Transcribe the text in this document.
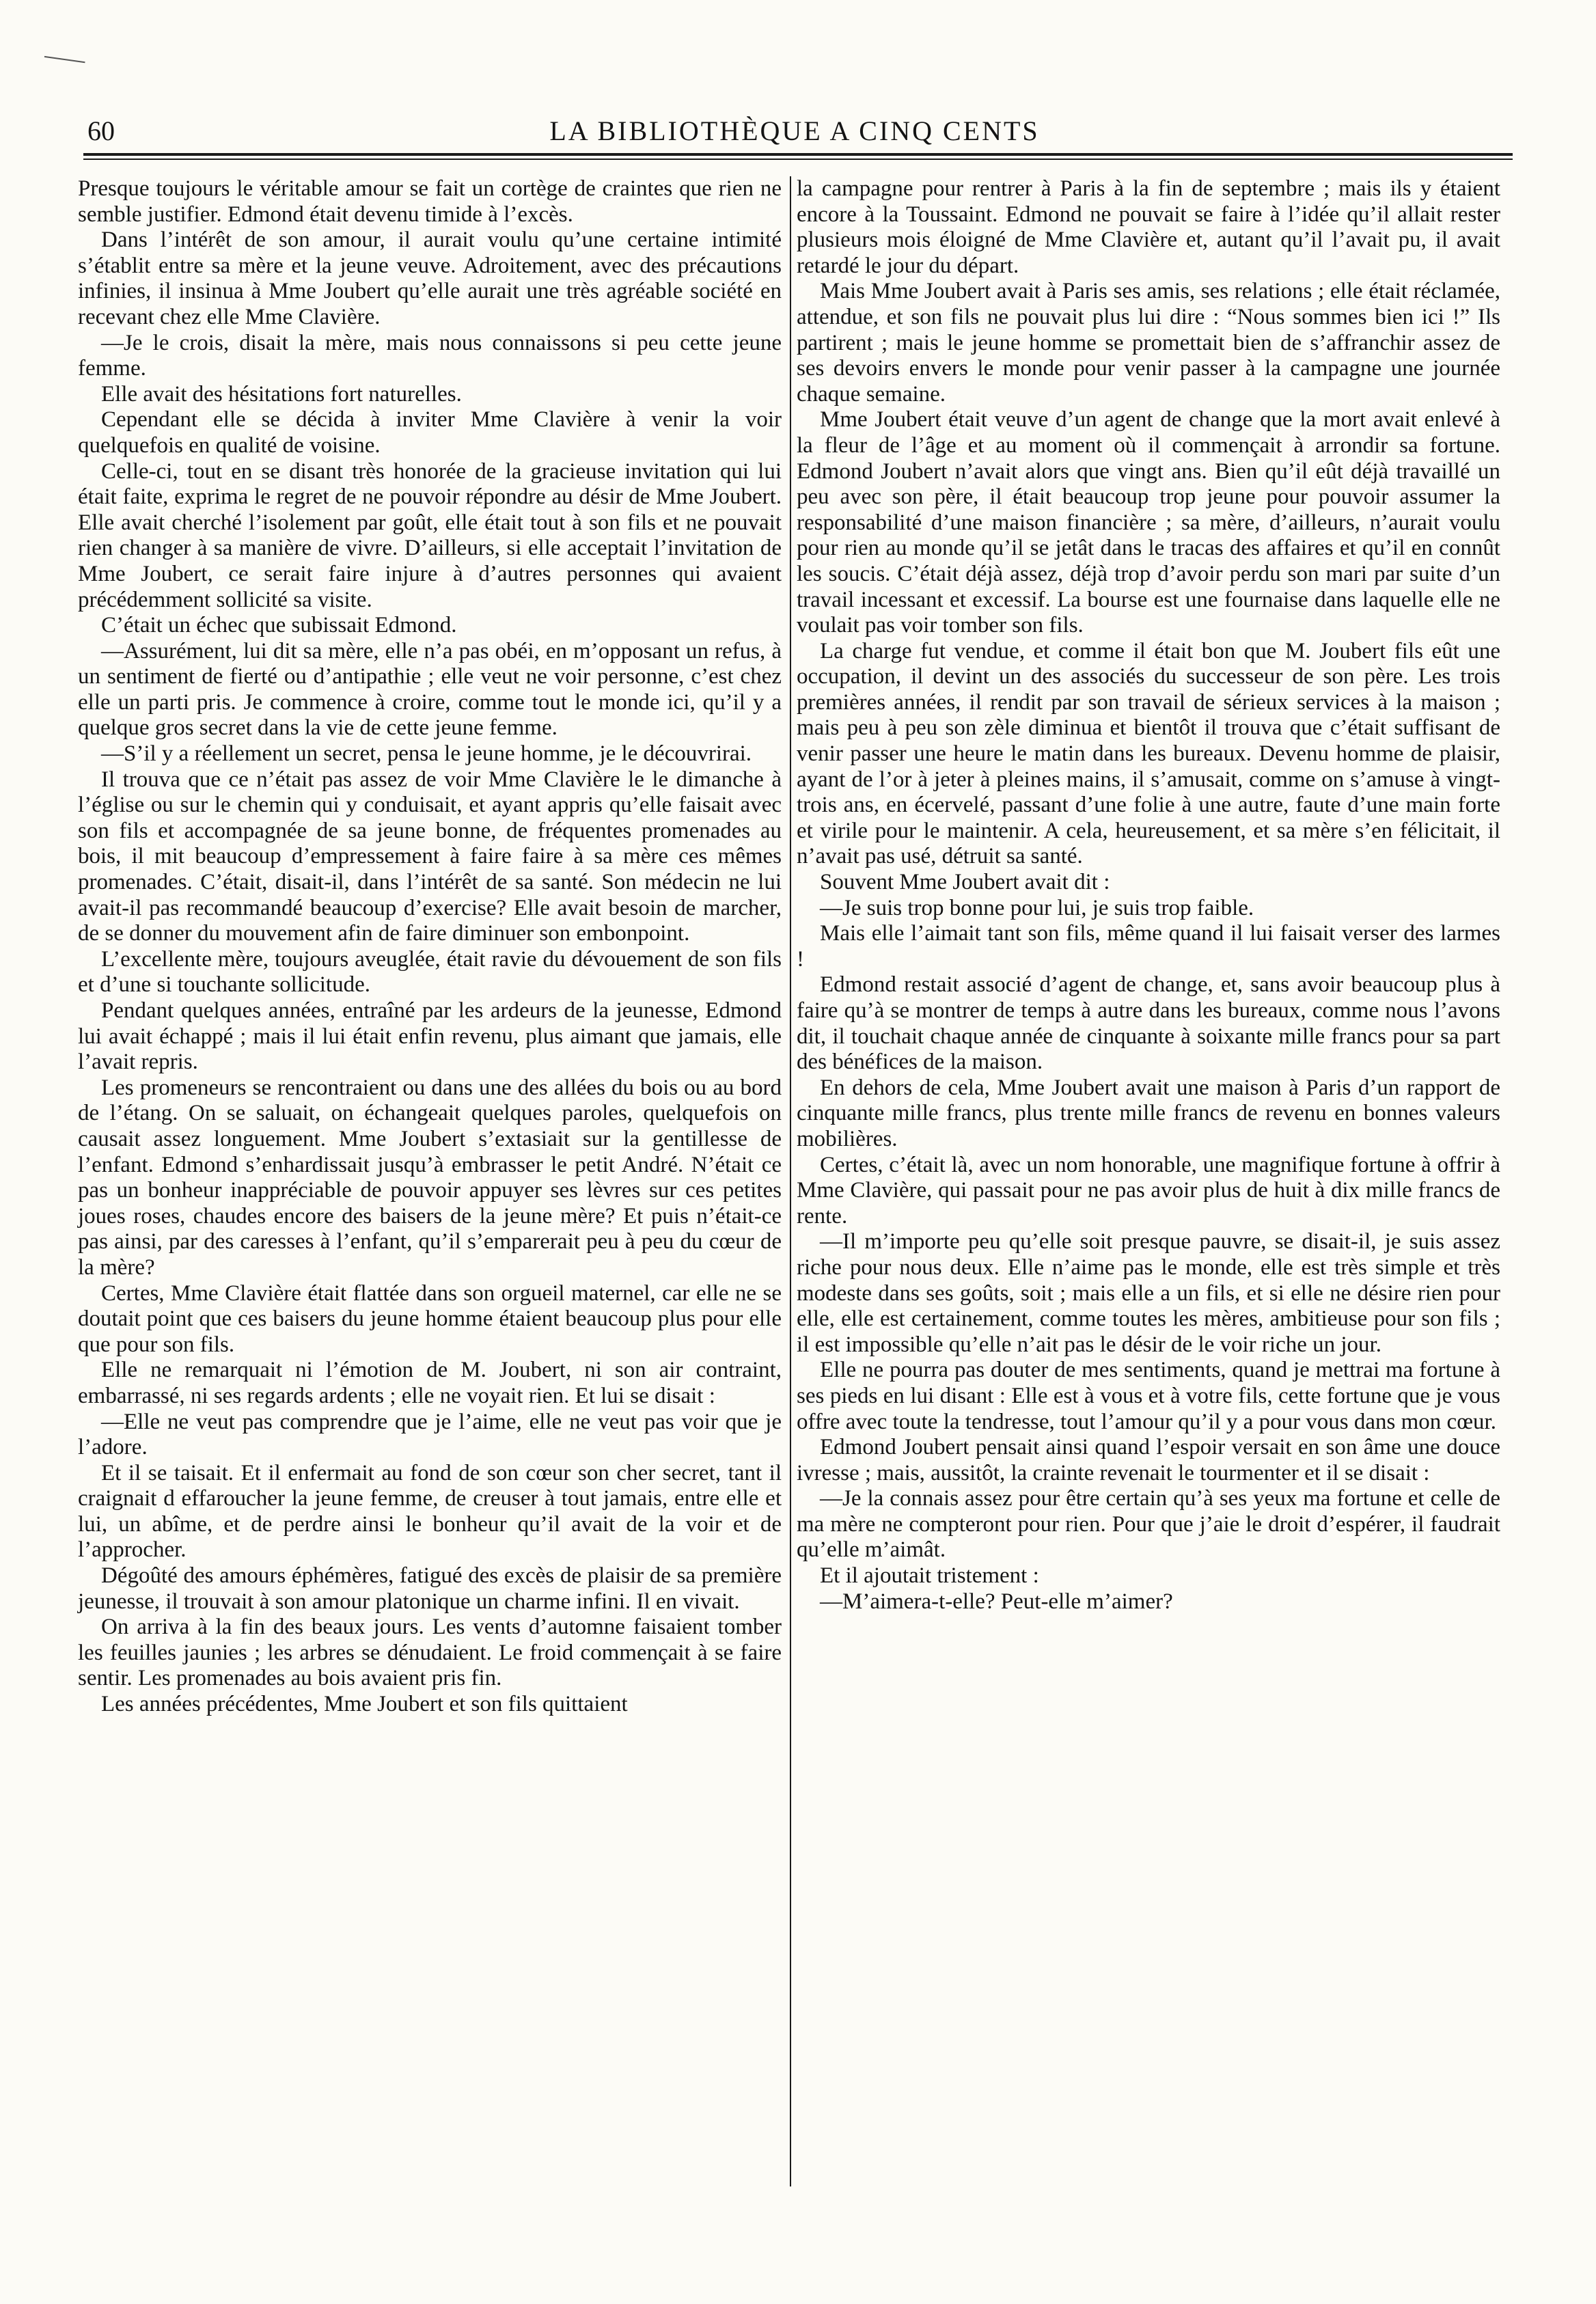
60	LA BIBLIOTHÈQUE A CINQ CENTS

Presque toujours le véritable amour se fait un cortège de craintes que rien ne semble justifier. Edmond était devenu timide à l’excès.

Dans l’intérêt de son amour, il aurait voulu qu’une certaine intimité s’établit entre sa mère et la jeune veuve. Adroitement, avec des précautions infinies, il insinua à Mme Joubert qu’elle aurait une très agréable société en recevant chez elle Mme Clavière.

—Je le crois, disait la mère, mais nous connaissons si peu cette jeune femme.

Elle avait des hésitations fort naturelles.

Cependant elle se décida à inviter Mme Clavière à venir la voir quelquefois en qualité de voisine.

Celle-ci, tout en se disant très honorée de la gracieuse invitation qui lui était faite, exprima le regret de ne pouvoir répondre au désir de Mme Joubert. Elle avait cherché l’isolement par goût, elle était tout à son fils et ne pouvait rien changer à sa manière de vivre. D’ailleurs, si elle acceptait l’invitation de Mme Joubert, ce serait faire injure à d’autres personnes qui avaient précédemment sollicité sa visite.

C’était un échec que subissait Edmond.

—Assurément, lui dit sa mère, elle n’a pas obéi, en m’opposant un refus, à un sentiment de fierté ou d’antipathie ; elle veut ne voir personne, c’est chez elle un parti pris. Je commence à croire, comme tout le monde ici, qu’il y a quelque gros secret dans la vie de cette jeune femme.

—S’il y a réellement un secret, pensa le jeune homme, je le découvrirai.

Il trouva que ce n’était pas assez de voir Mme Clavière le le dimanche à l’église ou sur le chemin qui y conduisait, et ayant appris qu’elle faisait avec son fils et accompagnée de sa jeune bonne, de fréquentes promenades au bois, il mit beaucoup d’empressement à faire faire à sa mère ces mêmes promenades. C’était, disait-il, dans l’intérêt de sa santé. Son médecin ne lui avait-il pas recommandé beaucoup d’exercise? Elle avait besoin de marcher, de se donner du mouvement afin de faire diminuer son embonpoint.

L’excellente mère, toujours aveuglée, était ravie du dévouement de son fils et d’une si touchante sollicitude.

Pendant quelques années, entraîné par les ardeurs de la jeunesse, Edmond lui avait échappé ; mais il lui était enfin revenu, plus aimant que jamais, elle l’avait repris.

Les promeneurs se rencontraient ou dans une des allées du bois ou au bord de l’étang. On se saluait, on échangeait quelques paroles, quelquefois on causait assez longuement. Mme Joubert s’extasiait sur la gentillesse de l’enfant. Edmond s’enhardissait jusqu’à embrasser le petit André. N’était ce pas un bonheur inappréciable de pouvoir appuyer ses lèvres sur ces petites joues roses, chaudes encore des baisers de la jeune mère? Et puis n’était-ce pas ainsi, par des caresses à l’enfant, qu’il s’emparerait peu à peu du cœur de la mère?

Certes, Mme Clavière était flattée dans son orgueil maternel, car elle ne se doutait point que ces baisers du jeune homme étaient beaucoup plus pour elle que pour son fils.

Elle ne remarquait ni l’émotion de M. Joubert, ni son air contraint, embarrassé, ni ses regards ardents ; elle ne voyait rien. Et lui se disait :

—Elle ne veut pas comprendre que je l’aime, elle ne veut pas voir que je l’adore.

Et il se taisait. Et il enfermait au fond de son cœur son cher secret, tant il craignait d effaroucher la jeune femme, de creuser à tout jamais, entre elle et lui, un abîme, et de perdre ainsi le bonheur qu’il avait de la voir et de l’approcher.

Dégoûté des amours éphémères, fatigué des excès de plaisir de sa première jeunesse, il trouvait à son amour platonique un charme infini. Il en vivait.

On arriva à la fin des beaux jours. Les vents d’automne faisaient tomber les feuilles jaunies ; les arbres se dénudaient. Le froid commençait à se faire sentir. Les promenades au bois avaient pris fin.

Les années précédentes, Mme Joubert et son fils quittaient

la campagne pour rentrer à Paris à la fin de septembre ; mais ils y étaient encore à la Toussaint. Edmond ne pouvait se faire à l’idée qu’il allait rester plusieurs mois éloigné de Mme Clavière et, autant qu’il l’avait pu, il avait retardé le jour du départ.

Mais Mme Joubert avait à Paris ses amis, ses relations ; elle était réclamée, attendue, et son fils ne pouvait plus lui dire : “Nous sommes bien ici !” Ils partirent ; mais le jeune homme se promettait bien de s’affranchir assez de ses devoirs envers le monde pour venir passer à la campagne une journée chaque semaine.

Mme Joubert était veuve d’un agent de change que la mort avait enlevé à la fleur de l’âge et au moment où il commençait à arrondir sa fortune. Edmond Joubert n’avait alors que vingt ans. Bien qu’il eût déjà travaillé un peu avec son père, il était beaucoup trop jeune pour pouvoir assumer la responsabilité d’une maison financière ; sa mère, d’ailleurs, n’aurait voulu pour rien au monde qu’il se jetât dans le tracas des affaires et qu’il en connût les soucis. C’était déjà assez, déjà trop d’avoir perdu son mari par suite d’un travail incessant et excessif. La bourse est une fournaise dans laquelle elle ne voulait pas voir tomber son fils.

La charge fut vendue, et comme il était bon que M. Joubert fils eût une occupation, il devint un des associés du successeur de son père. Les trois premières années, il rendit par son travail de sérieux services à la maison ; mais peu à peu son zèle diminua et bientôt il trouva que c’était suffisant de venir passer une heure le matin dans les bureaux. Devenu homme de plaisir, ayant de l’or à jeter à pleines mains, il s’amusait, comme on s’amuse à vingt-trois ans, en écervelé, passant d’une folie à une autre, faute d’une main forte et virile pour le maintenir. A cela, heureusement, et sa mère s’en félicitait, il n’avait pas usé, détruit sa santé.

Souvent Mme Joubert avait dit :

—Je suis trop bonne pour lui, je suis trop faible.

Mais elle l’aimait tant son fils, même quand il lui faisait verser des larmes !

Edmond restait associé d’agent de change, et, sans avoir beaucoup plus à faire qu’à se montrer de temps à autre dans les bureaux, comme nous l’avons dit, il touchait chaque année de cinquante à soixante mille francs pour sa part des bénéfices de la maison.

En dehors de cela, Mme Joubert avait une maison à Paris d’un rapport de cinquante mille francs, plus trente mille francs de revenu en bonnes valeurs mobilières.

Certes, c’était là, avec un nom honorable, une magnifique fortune à offrir à Mme Clavière, qui passait pour ne pas avoir plus de huit à dix mille francs de rente.

—Il m’importe peu qu’elle soit presque pauvre, se disait-il, je suis assez riche pour nous deux. Elle n’aime pas le monde, elle est très simple et très modeste dans ses goûts, soit ; mais elle a un fils, et si elle ne désire rien pour elle, elle est certainement, comme toutes les mères, ambitieuse pour son fils ; il est impossible qu’elle n’ait pas le désir de le voir riche un jour.

Elle ne pourra pas douter de mes sentiments, quand je mettrai ma fortune à ses pieds en lui disant : Elle est à vous et à votre fils, cette fortune que je vous offre avec toute la tendresse, tout l’amour qu’il y a pour vous dans mon cœur.

Edmond Joubert pensait ainsi quand l’espoir versait en son âme une douce ivresse ; mais, aussitôt, la crainte revenait le tourmenter et il se disait :

—Je la connais assez pour être certain qu’à ses yeux ma fortune et celle de ma mère ne compteront pour rien. Pour que j’aie le droit d’espérer, il faudrait qu’elle m’aimât.

Et il ajoutait tristement :

—M’aimera-t-elle? Peut-elle m’aimer?
